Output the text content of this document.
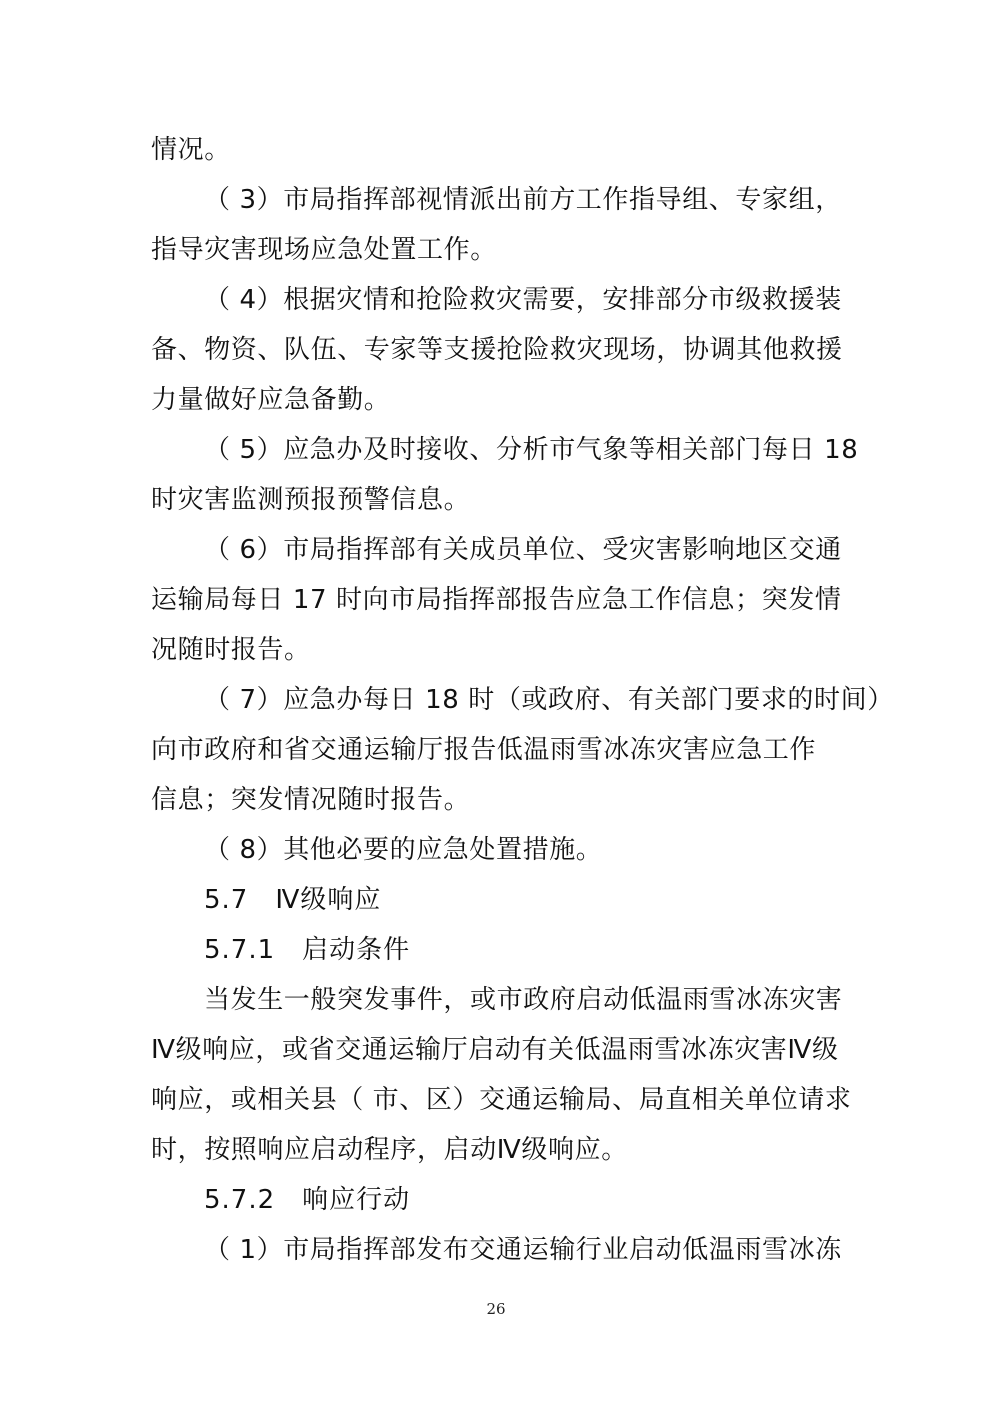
情况。
（ 3）市局指挥部视情派出前方工作指导组、专家组，
指导灾害现场应急处置工作。
（ 4）根据灾情和抢险救灾需要，安排部分市级救援装
备、物资、队伍、专家等支援抢险救灾现场，协调其他救援
力量做好应急备勤。
（ 5）应急办及时接收、分析市气象等相关部门每日 18
时灾害监测预报预警信息。
（ 6）市局指挥部有关成员单位、受灾害影响地区交通
运输局每日 17 时向市局指挥部报告应急工作信息；突发情
况随时报告。
（ 7）应急办每日 18 时（或政府、有关部门要求的时间）
向市政府和省交通运输厅报告低温雨雪冰冻灾害应急工作
信息；突发情况随时报告。
（ 8）其他必要的应急处置措施。
5.7　Ⅳ级响应
5.7.1　启动条件
当发生一般突发事件，或市政府启动低温雨雪冰冻灾害
Ⅳ级响应，或省交通运输厅启动有关低温雨雪冰冻灾害Ⅳ级
响应，或相关县（ 市、区）交通运输局、局直相关单位请求
时，按照响应启动程序，启动Ⅳ级响应。
5.7.2　响应行动
（ 1）市局指挥部发布交通运输行业启动低温雨雪冰冻
26
